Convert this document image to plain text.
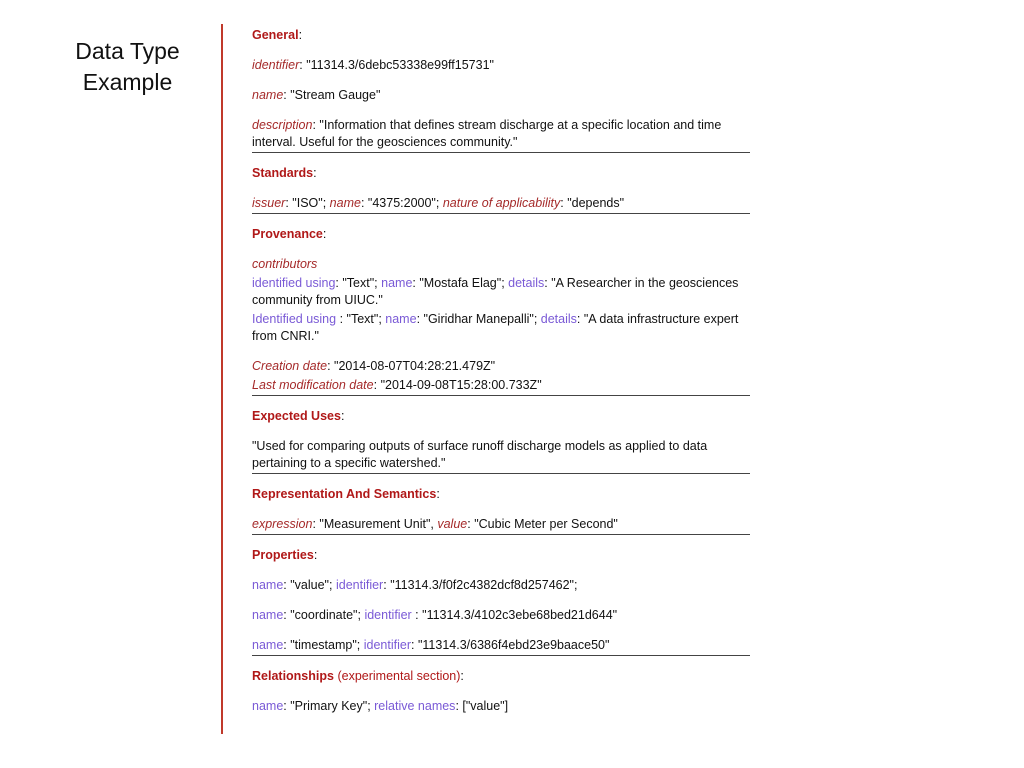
Data Type Example
General:
identifier: "11314.3/6debc53338e99ff15731"
name: "Stream Gauge"
description: "Information that defines stream discharge at a specific location and time interval. Useful for the geosciences community."
Standards:
issuer: "ISO"; name: "4375:2000"; nature of applicability: "depends"
Provenance:
contributors
identified using: "Text"; name: "Mostafa Elag"; details: "A Researcher in the geosciences community from UIUC."
Identified using : "Text"; name: "Giridhar Manepalli"; details: "A data infrastructure expert from CNRI."
Creation date: "2014-08-07T04:28:21.479Z"
Last modification date: "2014-09-08T15:28:00.733Z"
Expected Uses:
"Used for comparing outputs of surface runoff discharge models as applied to data pertaining to a specific watershed."
Representation And Semantics:
expression: "Measurement Unit", value: "Cubic Meter per Second"
Properties:
name: "value"; identifier: "11314.3/f0f2c4382dcf8d257462";
name: "coordinate"; identifier : "11314.3/4102c3ebe68bed21d644"
name: "timestamp"; identifier: "11314.3/6386f4ebd23e9baace50"
Relationships (experimental section):
name: "Primary Key"; relative names: ["value"]
